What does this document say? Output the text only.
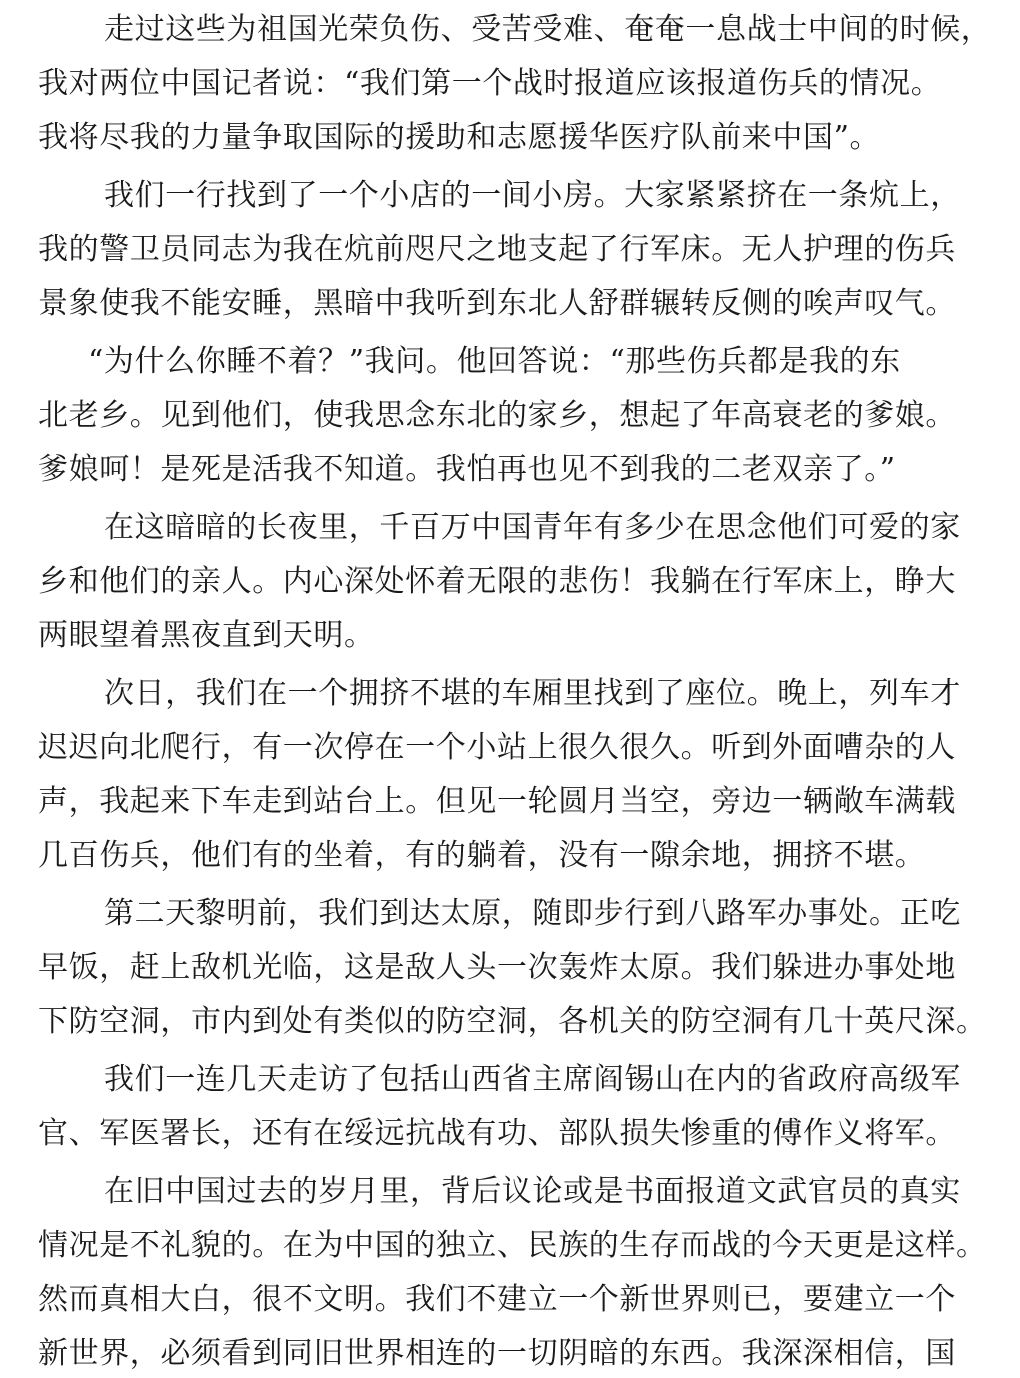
走过这些为祖国光荣负伤、受苦受难、奄奄一息战士中间的时候，
我对两位中国记者说：“我们第一个战时报道应该报道伤兵的情况。
我将尽我的力量争取国际的援助和志愿援华医疗队前来中国”。
我们一行找到了一个小店的一间小房。大家紧紧挤在一条炕上，
我的警卫员同志为我在炕前咫尺之地支起了行军床。无人护理的伤兵
景象使我不能安睡，黑暗中我听到东北人舒群辗转反侧的唉声叹气。
“为什么你睡不着？”我问。他回答说：“那些伤兵都是我的东
北老乡。见到他们，使我思念东北的家乡，想起了年高衰老的爹娘。
爹娘呵！是死是活我不知道。我怕再也见不到我的二老双亲了。”
在这暗暗的长夜里，千百万中国青年有多少在思念他们可爱的家
乡和他们的亲人。内心深处怀着无限的悲伤！我躺在行军床上，睁大
两眼望着黑夜直到天明。
次日，我们在一个拥挤不堪的车厢里找到了座位。晚上，列车才
迟迟向北爬行，有一次停在一个小站上很久很久。听到外面嘈杂的人
声，我起来下车走到站台上。但见一轮圆月当空，旁边一辆敞车满载
几百伤兵，他们有的坐着，有的躺着，没有一隙余地，拥挤不堪。
第二天黎明前，我们到达太原，随即步行到八路军办事处。正吃
早饭，赶上敌机光临，这是敌人头一次轰炸太原。我们躲进办事处地
下防空洞，市内到处有类似的防空洞，各机关的防空洞有几十英尺深。
我们一连几天走访了包括山西省主席阎锡山在内的省政府高级军
官、军医署长，还有在绥远抗战有功、部队损失惨重的傅作义将军。
在旧中国过去的岁月里，背后议论或是书面报道文武官员的真实
情况是不礼貌的。在为中国的独立、民族的生存而战的今天更是这样。
然而真相大白，很不文明。我们不建立一个新世界则已，要建立一个
新世界，必须看到同旧世界相连的一切阴暗的东西。我深深相信，国
